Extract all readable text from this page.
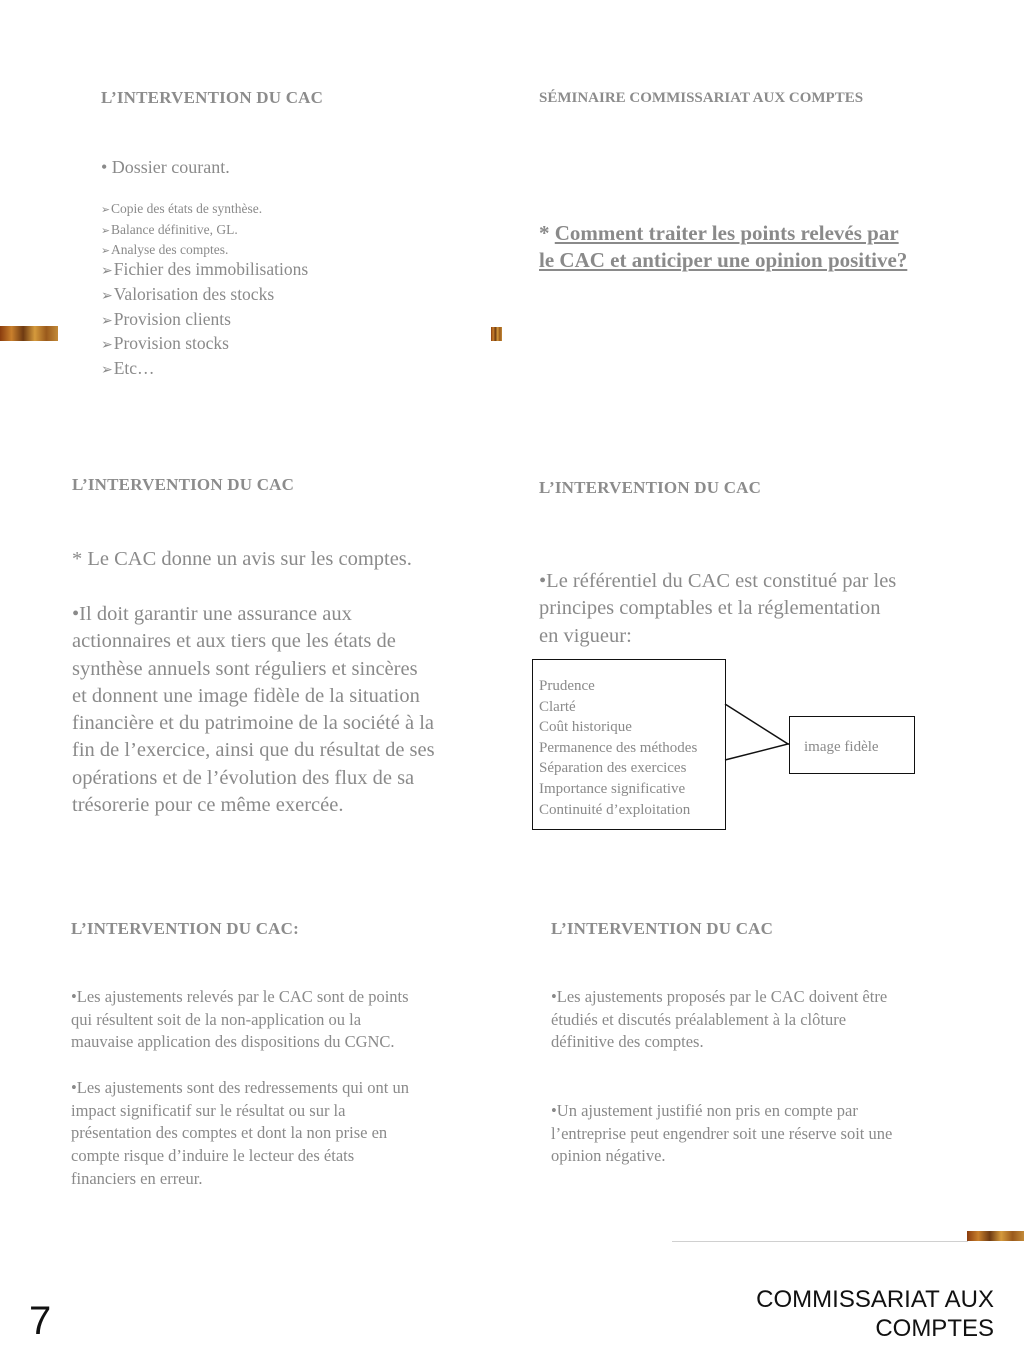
L’INTERVENTION DU CAC	SÉMINAIRE COMMISSARIAT AUX COMPTES
• Dossier courant.
➢Copie des états de synthèse.
➢Balance définitive, GL.
➢Analyse des comptes.
➢Fichier des immobilisations
➢Valorisation des stocks
➢Provision clients
➢Provision stocks
➢Etc…
* Comment traiter les points relevés par
le CAC et anticiper une opinion positive?
L’INTERVENTION DU CAC	L’INTERVENTION DU CAC
* Le CAC donne un avis sur les comptes.
•Il doit garantir une assurance aux
actionnaires et aux tiers que les états de
synthèse annuels sont réguliers et sincères
et donnent une image fidèle de la situation
financière et du patrimoine de la société à la
fin de l’exercice, ainsi que du résultat de ses
opérations et de l’évolution des flux de sa
trésorerie pour ce même exercée.
•Le référentiel du CAC est constitué par les
principes comptables et la réglementation
en vigueur:
Prudence
Clarté
Coût historique
Permanence des méthodes
Séparation des exercices
Importance significative
Continuité d’exploitation
image fidèle
L’INTERVENTION DU CAC:	L’INTERVENTION DU CAC
•Les ajustements relevés par le CAC sont de points
qui résultent soit de la non-application ou la
mauvaise application des dispositions du CGNC.
•Les ajustements sont des redressements qui ont un
impact significatif sur le résultat ou sur la
présentation des comptes et dont la non prise en
compte risque d’induire le lecteur des états
financiers en erreur.
•Les ajustements proposés par le CAC doivent être
étudiés et discutés préalablement à la clôture
définitive des comptes.
•Un ajustement justifié non pris en compte par
l’entreprise peut engendrer soit une réserve soit une
opinion négative.
7	COMMISSARIAT AUX
COMPTES
